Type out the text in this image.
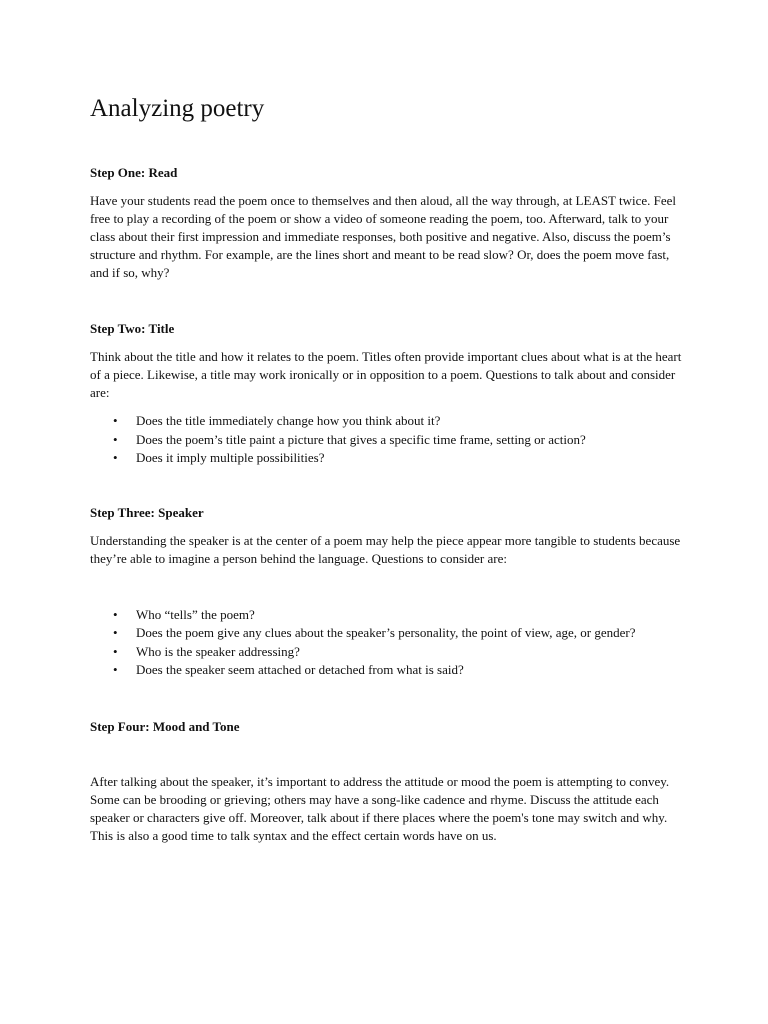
Analyzing poetry
Step One: Read

Have your students read the poem once to themselves and then aloud, all the way through, at LEAST twice. Feel free to play a recording of the poem or show a video of someone reading the poem, too. Afterward, talk to your class about their first impression and immediate responses, both positive and negative. Also, discuss the poem’s structure and rhythm. For example, are the lines short and meant to be read slow? Or, does the poem move fast, and if so, why?

Step Two: Title

Think about the title and how it relates to the poem. Titles often provide important clues about what is at the heart of a piece. Likewise, a title may work ironically or in opposition to a poem. Questions to talk about and consider are:

• Does the title immediately change how you think about it?
• Does the poem’s title paint a picture that gives a specific time frame, setting or action?
• Does it imply multiple possibilities?
Step Three: Speaker

Understanding the speaker is at the center of a poem may help the piece appear more tangible to students because they’re able to imagine a person behind the language. Questions to consider are:

• Who “tells” the poem?
• Does the poem give any clues about the speaker’s personality, the point of view, age, or gender?
• Who is the speaker addressing?
• Does the speaker seem attached or detached from what is said?
Step Four: Mood and Tone

After talking about the speaker, it’s important to address the attitude or mood the poem is attempting to convey. Some can be brooding or grieving; others may have a song-like cadence and rhyme. Discuss the attitude each speaker or characters give off. Moreover, talk about if there places where the poem's tone may switch and why. This is also a good time to talk syntax and the effect certain words have on us.
